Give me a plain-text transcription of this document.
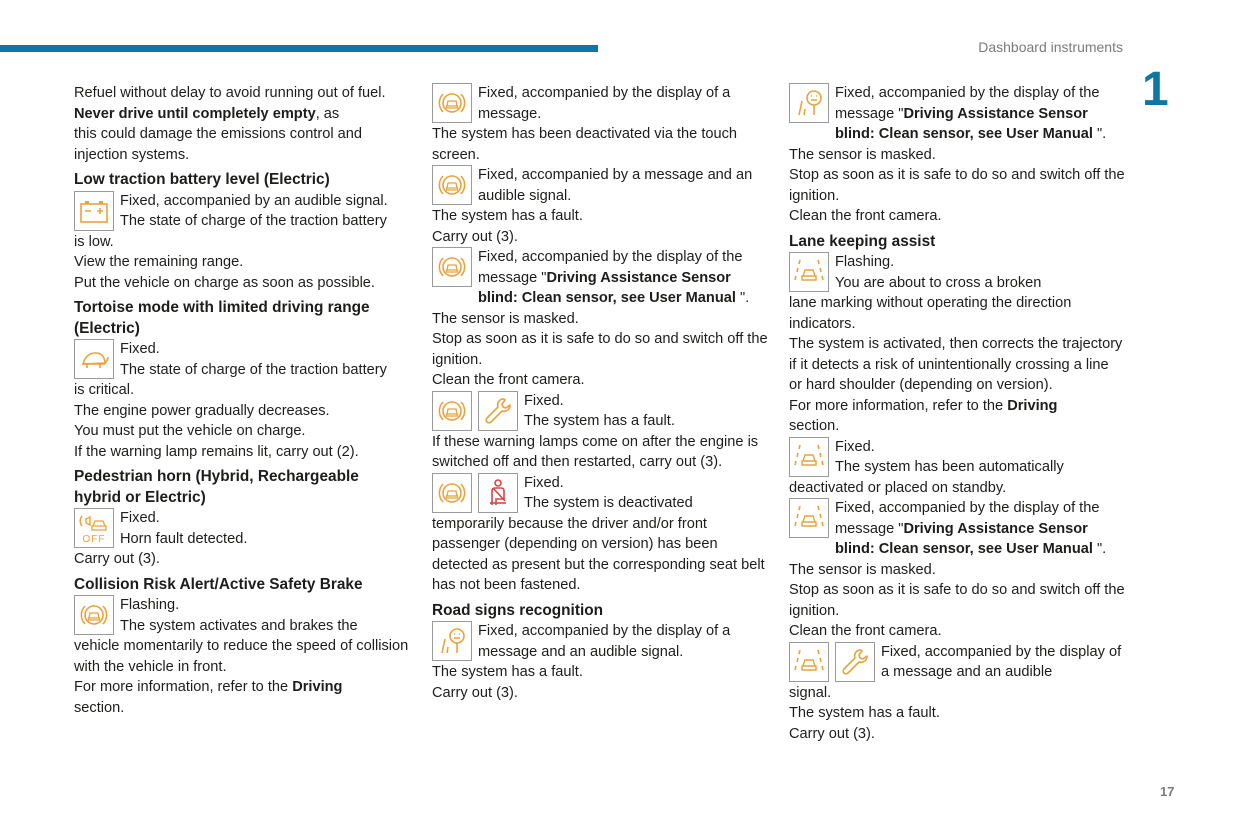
Dashboard instruments
1
17

Refuel without delay to avoid running out of fuel.

Never drive until completely empty, as

this could damage the emissions control and injection systems.

Low traction battery level (Electric)

Fixed, accompanied by an audible signal.

The state of charge of the traction battery

is low.

View the remaining range.

Put the vehicle on charge as soon as possible.

Tortoise mode with limited driving range (Electric)

Fixed.

The state of charge of the traction battery

is critical.

The engine power gradually decreases.

You must put the vehicle on charge.

If the warning lamp remains lit, carry out (2).

Pedestrian horn (Hybrid, Rechargeable hybrid or Electric)
OFF

Fixed.

Horn fault detected.

Carry out (3).

Collision Risk Alert/Active Safety Brake

Flashing.

The system activates and brakes the

vehicle momentarily to reduce the speed of collision with the vehicle in front.

For more information, refer to the Driving

section.

Fixed, accompanied by the display of a message.

The system has been deactivated via the touch screen.

Fixed, accompanied by a message and an audible signal.

The system has a fault.

Carry out (3).

Fixed, accompanied by the display of the message "Driving Assistance Sensor blind: Clean sensor, see User Manual ".

The sensor is masked.

Stop as soon as it is safe to do so and switch off the ignition.

Clean the front camera.

Fixed.

The system has a fault.

If these warning lamps come on after the engine is switched off and then restarted, carry out (3).

Fixed.

The system is deactivated

temporarily because the driver and/or front passenger (depending on version) has been detected as present but the corresponding seat belt has not been fastened.

Road signs recognition

Fixed, accompanied by the display of a message and an audible signal.

The system has a fault.

Carry out (3).

Fixed, accompanied by the display of the message "Driving Assistance Sensor blind: Clean sensor, see User Manual ".

The sensor is masked.

Stop as soon as it is safe to do so and switch off the ignition.

Clean the front camera.

Lane keeping assist

Flashing.

You are about to cross a broken

lane marking without operating the direction indicators.

The system is activated, then corrects the trajectory if it detects a risk of unintentionally crossing a line or hard shoulder (depending on version).

For more information, refer to the Driving

section.

Fixed.

The system has been automatically

deactivated or placed on standby.

Fixed, accompanied by the display of the message "Driving Assistance Sensor blind: Clean sensor, see User Manual ".

The sensor is masked.

Stop as soon as it is safe to do so and switch off the ignition.

Clean the front camera.

Fixed, accompanied by the display of a message and an audible

signal.

The system has a fault.

Carry out (3).
